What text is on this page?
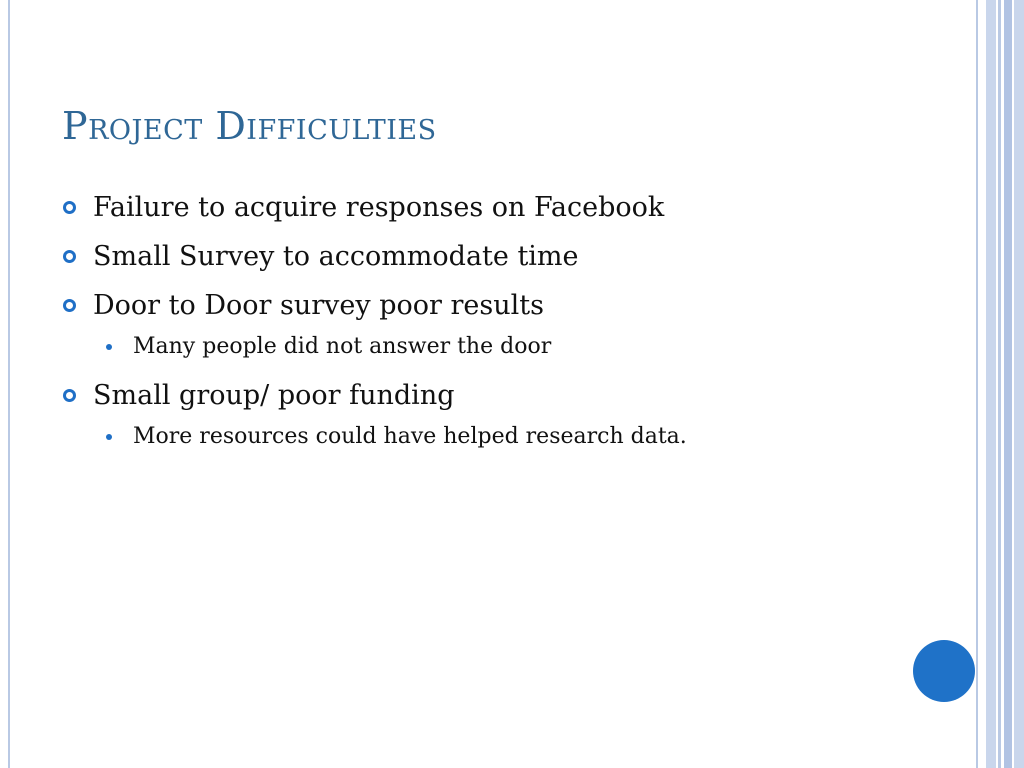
Project Difficulties
Failure to acquire responses on Facebook
Small Survey to accommodate time
Door to Door survey poor results
Many people did not answer the door
Small group/ poor funding
More resources could have helped research data.
